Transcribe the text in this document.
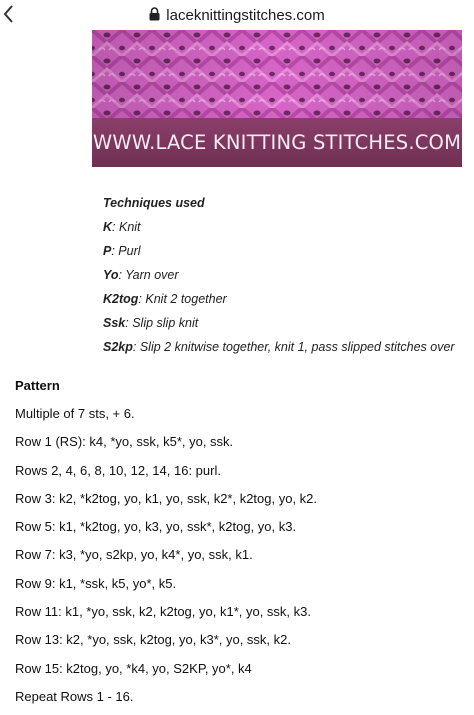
laceknittingstitches.com
WWW.LACE KNITTING STITCHES.COM
Techniques used
K: Knit
P: Purl
Yo: Yarn over
K2tog: Knit 2 together
Ssk: Slip slip knit
S2kp: Slip 2 knitwise together, knit 1, pass slipped stitches over
Pattern
Multiple of 7 sts, + 6.
Row 1 (RS): k4, *yo, ssk, k5*, yo, ssk.
Rows 2, 4, 6, 8, 10, 12, 14, 16: purl.
Row 3: k2, *k2tog, yo, k1, yo, ssk, k2*, k2tog, yo, k2.
Row 5: k1, *k2tog, yo, k3, yo, ssk*, k2tog, yo, k3.
Row 7: k3, *yo, s2kp, yo, k4*, yo, ssk, k1.
Row 9: k1, *ssk, k5, yo*, k5.
Row 11: k1, *yo, ssk, k2, k2tog, yo, k1*, yo, ssk, k3.
Row 13: k2, *yo, ssk, k2tog, yo, k3*, yo, ssk, k2.
Row 15: k2tog, yo, *k4, yo, S2KP, yo*, k4
Repeat Rows 1 - 16.
